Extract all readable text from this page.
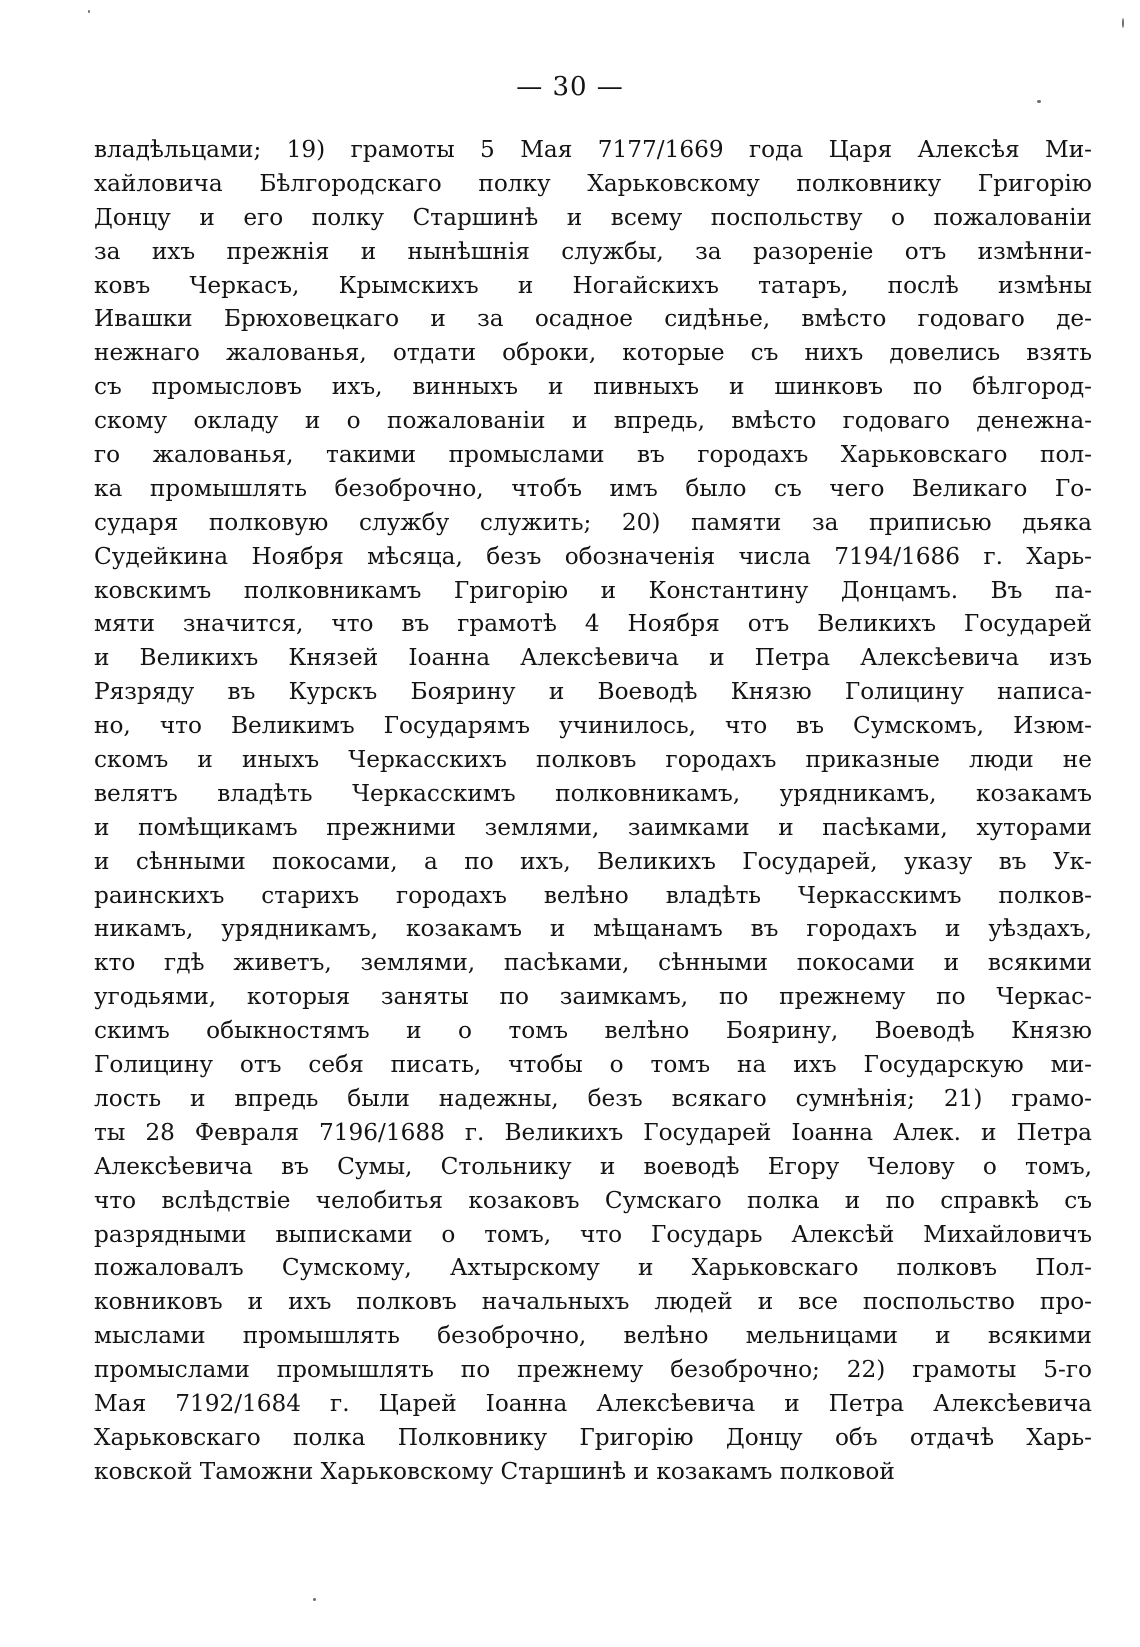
— 30 —
владѣльцами; 19) грамоты 5 Мая 7177/1669 года Царя Алексѣя Ми-
хайловича Бѣлгородскаго полку Харьковскому полковнику Григорію
Донцу и его полку Старшинѣ и всему поспольству о пожалованіи
за ихъ прежнія и нынѣшнія службы, за разореніе отъ измѣнни-
ковъ Черкасъ, Крымскихъ и Ногайскихъ татаръ, послѣ измѣны
Ивашки Брюховецкаго и за осадное сидѣнье, вмѣсто годоваго де-
нежнаго жалованья, отдати оброки, которые съ нихъ довелись взять
съ промысловъ ихъ, винныхъ и пивныхъ и шинковъ по бѣлгород-
скому окладу и о пожалованіи и впредь, вмѣсто годоваго денежна-
го жалованья, такими промыслами въ городахъ Харьковскаго пол-
ка промышлять безоброчно, чтобъ имъ было съ чего Великаго Го-
сударя полковую службу служить; 20) памяти за приписью дьяка
Судейкина Ноября мѣсяца, безъ обозначенія числа 7194/1686 г. Харь-
ковскимъ полковникамъ Григорію и Константину Донцамъ. Въ па-
мяти значится, что въ грамотѣ 4 Ноября отъ Великихъ Государей
и Великихъ Князей Іоанна Алексѣевича и Петра Алексѣевича изъ
Рязряду въ Курскъ Боярину и Воеводѣ Князю Голицину написа-
но, что Великимъ Государямъ учинилось, что въ Сумскомъ, Изюм-
скомъ и иныхъ Черкасскихъ полковъ городахъ приказные люди не
велятъ владѣть Черкасскимъ полковникамъ, урядникамъ, козакамъ
и помѣщикамъ прежними землями, заимками и пасѣками, хуторами
и сѣнными покосами, а по ихъ, Великихъ Государей, указу въ Ук-
раинскихъ старихъ городахъ велѣно владѣть Черкасскимъ полков-
никамъ, урядникамъ, козакамъ и мѣщанамъ въ городахъ и уѣздахъ,
кто гдѣ живетъ, землями, пасѣками, сѣнными покосами и всякими
угодьями, которыя заняты по заимкамъ, по прежнему по Черкас-
скимъ обыкностямъ и о томъ велѣно Боярину, Воеводѣ Князю
Голицину отъ себя писать, чтобы о томъ на ихъ Государскую ми-
лость и впредь были надежны, безъ всякаго сумнѣнія; 21) грамо-
ты 28 Февраля 7196/1688 г. Великихъ Государей Іоанна Алек. и Петра
Алексѣевича въ Сумы, Стольнику и воеводѣ Егору Челову о томъ,
что вслѣдствіе челобитья козаковъ Сумскаго полка и по справкѣ съ
разрядными выписками о томъ, что Государь Алексѣй Михайловичъ
пожаловалъ Сумскому, Ахтырскому и Харьковскаго полковъ Пол-
ковниковъ и ихъ полковъ начальныхъ людей и все поспольство про-
мыслами промышлять безоброчно, велѣно мельницами и всякими
промыслами промышлять по прежнему безоброчно; 22) грамоты 5-го
Мая 7192/1684 г. Царей Іоанна Алексѣевича и Петра Алексѣевича
Харьковскаго полка Полковнику Григорію Донцу объ отдачѣ Харь-
ковской Таможни Харьковскому Старшинѣ и козакамъ полковой
